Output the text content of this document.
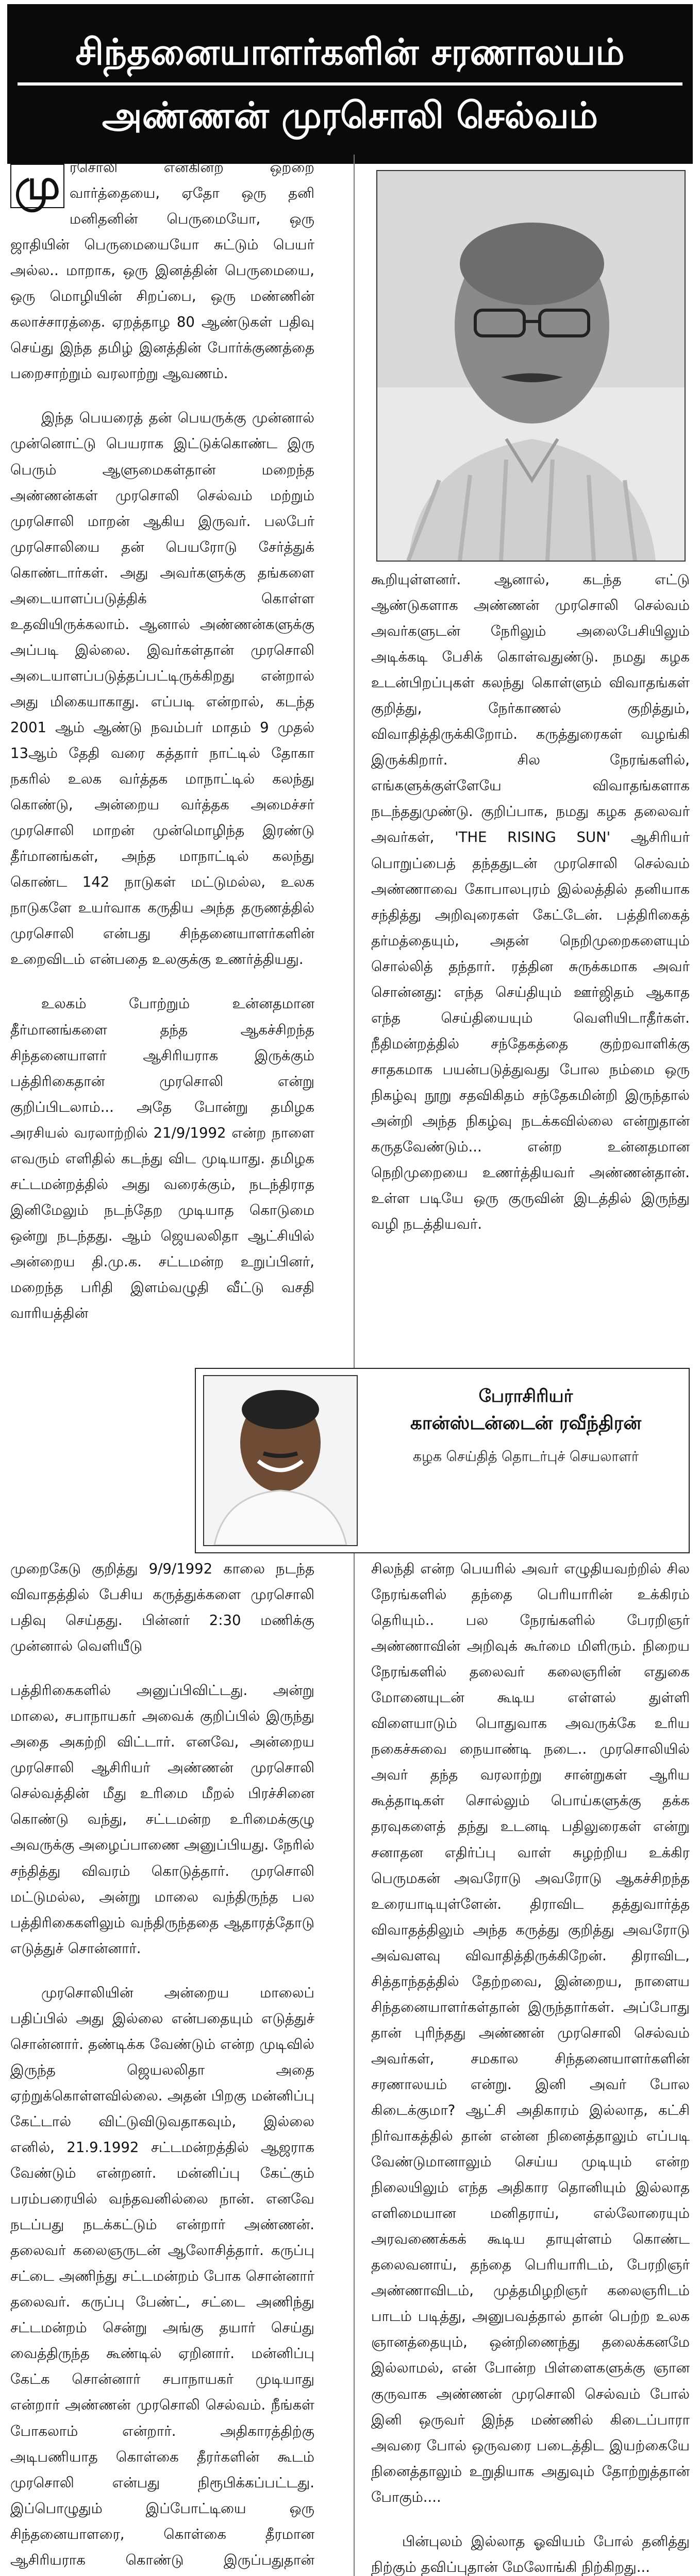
சிந்தனையாளர்களின் சரணாலயம்
அண்ணன் முரசொலி செல்வம்
பேராசிரியர்
கான்ஸ்டன்டைன் ரவீந்திரன்
கழக செய்தித் தொடர்புச் செயலாளர்

மு ரசொலி என்கின்ற ஒற்றை வார்த்தையை, ஏதோ ஒரு தனி மனிதனின் பெருமையோ, ஒரு ஜாதியின் பெருமையையோ சுட்டும் பெயர் அல்ல.. மாறாக, ஒரு இனத்தின் பெருமையை, ஒரு மொழியின் சிறப்பை, ஒரு மண்ணின் கலாச்சாரத்தை. ஏறத்தாழ 80 ஆண்டுகள் பதிவு செய்து இந்த தமிழ் இனத்தின் போர்க்குணத்தை பறைசாற்றும் வரலாற்று ஆவணம்.

இந்த பெயரைத் தன் பெயருக்கு முன்னால் முன்னொட்டு பெயராக இட்டுக்கொண்ட இரு பெரும் ஆளுமைகள்தான் மறைந்த அண்ணன்கள் முரசொலி செல்வம் மற்றும் முரசொலி மாறன் ஆகிய இருவர். பலபேர் முரசொலியை தன் பெயரோடு சேர்த்துக் கொண்டார்கள். அது அவர்களுக்கு தங்களை அடையாளப்படுத்திக் கொள்ள உதவியிருக்கலாம். ஆனால் அண்ணன்களுக்கு அப்படி இல்லை. இவர்கள்தான் முரசொலி அடையாளப்படுத்தப்பட்டிருக்கிறது என்றால் அது மிகையாகாது. எப்படி என்றால், கடந்த 2001 ஆம் ஆண்டு நவம்பர் மாதம் 9 முதல் 13ஆம் தேதி வரை கத்தார் நாட்டில் தோகா நகரில் உலக வர்த்தக மாநாட்டில் கலந்து கொண்டு, அன்றைய வர்த்தக அமைச்சர் முரசொலி மாறன் முன்மொழிந்த இரண்டு தீர்மானங்கள், அந்த மாநாட்டில் கலந்து கொண்ட 142 நாடுகள் மட்டுமல்ல, உலக நாடுகளே உயர்வாக கருதிய அந்த தருணத்தில் முரசொலி என்பது சிந்தனையாளர்களின் உறைவிடம் என்பதை உலகுக்கு உணர்த்தியது.

உலகம் போற்றும் உன்னதமான தீர்மானங்களை தந்த ஆகச்சிறந்த சிந்தனையாளர் ஆசிரியராக இருக்கும் பத்திரிகைதான் முரசொலி என்று குறிப்பிடலாம்... அதே போன்று தமிழக அரசியல் வரலாற்றில் 21/9/1992 என்ற நாளை எவரும் எளிதில் கடந்து விட முடியாது. தமிழக சட்டமன்றத்தில் அது வரைக்கும், நடந்திராத இனிமேலும் நடந்தேற முடியாத கொடுமை ஒன்று நடந்தது. ஆம் ஜெயலலிதா ஆட்சியில் அன்றைய தி.மு.க. சட்டமன்ற உறுப்பினர், மறைந்த பரிதி இளம்வழுதி வீட்டு வசதி வாரியத்தின்

கூறியுள்ளனர். ஆனால், கடந்த எட்டு ஆண்டுகளாக அண்ணன் முரசொலி செல்வம் அவர்களுடன் நேரிலும் அலைபேசியிலும் அடிக்கடி பேசிக் கொள்வதுண்டு. நமது கழக உடன்பிறப்புகள் கலந்து கொள்ளும் விவாதங்கள் குறித்து, நேர்காணல் குறித்தும், விவாதித்திருக்கிறோம். கருத்துரைகள் வழங்கி இருக்கிறார். சில நேரங்களில், எங்களுக்குள்ளேயே விவாதங்களாக நடந்ததுமுண்டு. குறிப்பாக, நமது கழக தலைவர் அவர்கள், 'THE RISING SUN' ஆசிரியர் பொறுப்பைத் தந்ததுடன் முரசொலி செல்வம் அண்ணாவை கோபாலபுரம் இல்லத்தில் தனியாக சந்தித்து அறிவுரைகள் கேட்டேன். பத்திரிகைத் தர்மத்தையும், அதன் நெறிமுறைகளையும் சொல்லித் தந்தார். ரத்தின சுருக்கமாக அவர் சொன்னது: எந்த செய்தியும் ஊர்ஜிதம் ஆகாத எந்த செய்தியையும் வெளியிடாதீர்கள். நீதிமன்றத்தில் சந்தேகத்தை குற்றவாளிக்கு சாதகமாக பயன்படுத்துவது போல நம்மை ஒரு நிகழ்வு நூறு சதவிகிதம் சந்தேகமின்றி இருந்தால் அன்றி அந்த நிகழ்வு நடக்கவில்லை என்றுதான் கருதவேண்டும்... என்ற உன்னதமான நெறிமுறையை உணர்த்தியவர் அண்ணன்தான். உள்ள படியே ஒரு குருவின் இடத்தில் இருந்து வழி நடத்தியவர்.

முறைகேடு குறித்து 9/9/1992 காலை நடந்த விவாதத்தில் பேசிய கருத்துக்களை முரசொலி பதிவு செய்தது. பின்னர் 2:30 மணிக்கு முன்னால் வெளியீடு

பத்திரிகைகளில் அனுப்பிவிட்டது. அன்று மாலை, சபாநாயகர் அவைக் குறிப்பில் இருந்து அதை அகற்றி விட்டார். எனவே, அன்றைய முரசொலி ஆசிரியர் அண்ணன் முரசொலி செல்வத்தின் மீது உரிமை மீறல் பிரச்சினை கொண்டு வந்து, சட்டமன்ற உரிமைக்குழு அவருக்கு அழைப்பாணை அனுப்பியது. நேரில் சந்தித்து விவரம் கொடுத்தார். முரசொலி மட்டுமல்ல, அன்று மாலை வந்திருந்த பல பத்திரிகைகளிலும் வந்திருந்ததை ஆதாரத்தோடு எடுத்துச் சொன்னார்.

முரசொலியின் அன்றைய மாலைப் பதிப்பில் அது இல்லை என்பதையும் எடுத்துச் சொன்னார். தண்டிக்க வேண்டும் என்ற முடிவில் இருந்த ஜெயலலிதா அதை ஏற்றுக்கொள்ளவில்லை. அதன் பிறகு மன்னிப்பு கேட்டால் விட்டுவிடுவதாகவும், இல்லை எனில், 21.9.1992 சட்டமன்றத்தில் ஆஜராக வேண்டும் என்றனர். மன்னிப்பு கேட்கும் பரம்பரையில் வந்தவனில்லை நான். எனவே நடப்பது நடக்கட்டும் என்றார் அண்ணன். தலைவர் கலைஞருடன் ஆலோசித்தார். கருப்பு சட்டை அணிந்து சட்டமன்றம் போக சொன்னார் தலைவர். கருப்பு பேண்ட், சட்டை அணிந்து சட்டமன்றம் சென்று அங்கு தயார் செய்து வைத்திருந்த கூண்டில் ஏறினார். மன்னிப்பு கேட்க சொன்னார் சபாநாயகர் முடியாது என்றார் அண்ணன் முரசொலி செல்வம். நீங்கள் போகலாம் என்றார். அதிகாரத்திற்கு அடிபணியாத கொள்கை தீரர்களின் கூடம் முரசொலி என்பது நிரூபிக்கப்பட்டது. இப்பொழுதும் இப்போட்டியை ஒரு சிந்தனையாளரை, கொள்கை தீரமான ஆசிரியராக கொண்டு இருப்பதுதான்

சிலந்தி என்ற பெயரில் அவர் எழுதியவற்றில் சில நேரங்களில் தந்தை பெரியாரின் உக்கிரம் தெரியும்.. பல நேரங்களில் பேரறிஞர் அண்ணாவின் அறிவுக் கூர்மை மிளிரும். நிறைய நேரங்களில் தலைவர் கலைஞரின் எதுகை மோனையுடன் கூடிய எள்ளல் துள்ளி விளையாடும் பொதுவாக அவருக்கே உரிய நகைச்சுவை நையாண்டி நடை.. முரசொலியில் அவர் தந்த வரலாற்று சான்றுகள் ஆரிய கூத்தாடிகள் சொல்லும் பொய்களுக்கு தக்க தரவுகளைத் தந்து உடனடி பதிலுரைகள் என்று சனாதன எதிர்ப்பு வாள் சுழற்றிய உக்கிர பெருமகன் அவரோடு அவரோடு ஆகச்சிறந்த உரையாடியுள்ளேன். திராவிட தத்துவார்த்த விவாதத்திலும் அந்த கருத்து குறித்து அவரோடு அவ்வளவு விவாதித்திருக்கிறேன். திராவிட, சித்தாந்தத்தில் தேற்றவை, இன்றைய, நாளைய சிந்தனையாளர்கள்தான் இருந்தார்கள். அப்போது தான் புரிந்தது அண்ணன் முரசொலி செல்வம் அவர்கள், சமகால சிந்தனையாளர்களின் சரணாலயம் என்று. இனி அவர் போல கிடைக்குமா? ஆட்சி அதிகாரம் இல்லாத, கட்சி நிர்வாகத்தில் தான் என்ன நினைத்தாலும் எப்படி வேண்டுமானாலும் செய்ய முடியும் என்ற நிலையிலும் எந்த அதிகார தொனியும் இல்லாத எளிமையான மனிதராய், எல்லோரையும் அரவணைக்கக் கூடிய தாயுள்ளம் கொண்ட தலைவனாய், தந்தை பெரியாரிடம், பேரறிஞர் அண்ணாவிடம், முத்தமிழறிஞர் கலைஞரிடம் பாடம் படித்து, அனுபவத்தால் தான் பெற்ற உலக ஞானத்தையும், ஒன்றிணைந்து தலைக்கனமே இல்லாமல், என் போன்ற பிள்ளைகளுக்கு ஞான குருவாக அண்ணன் முரசொலி செல்வம் போல் இனி ஒருவர் இந்த மண்ணில் கிடைப்பாரா அவரை போல் ஒருவரை படைத்திட இயற்கையே நினைத்தாலும் உறுதியாக அதுவும் தோற்றுத்தான் போகும்....

பின்புலம் இல்லாத ஓவியம் போல் தனித்து நிற்கும் தவிப்புதான் மேலோங்கி நிற்கிறது...
